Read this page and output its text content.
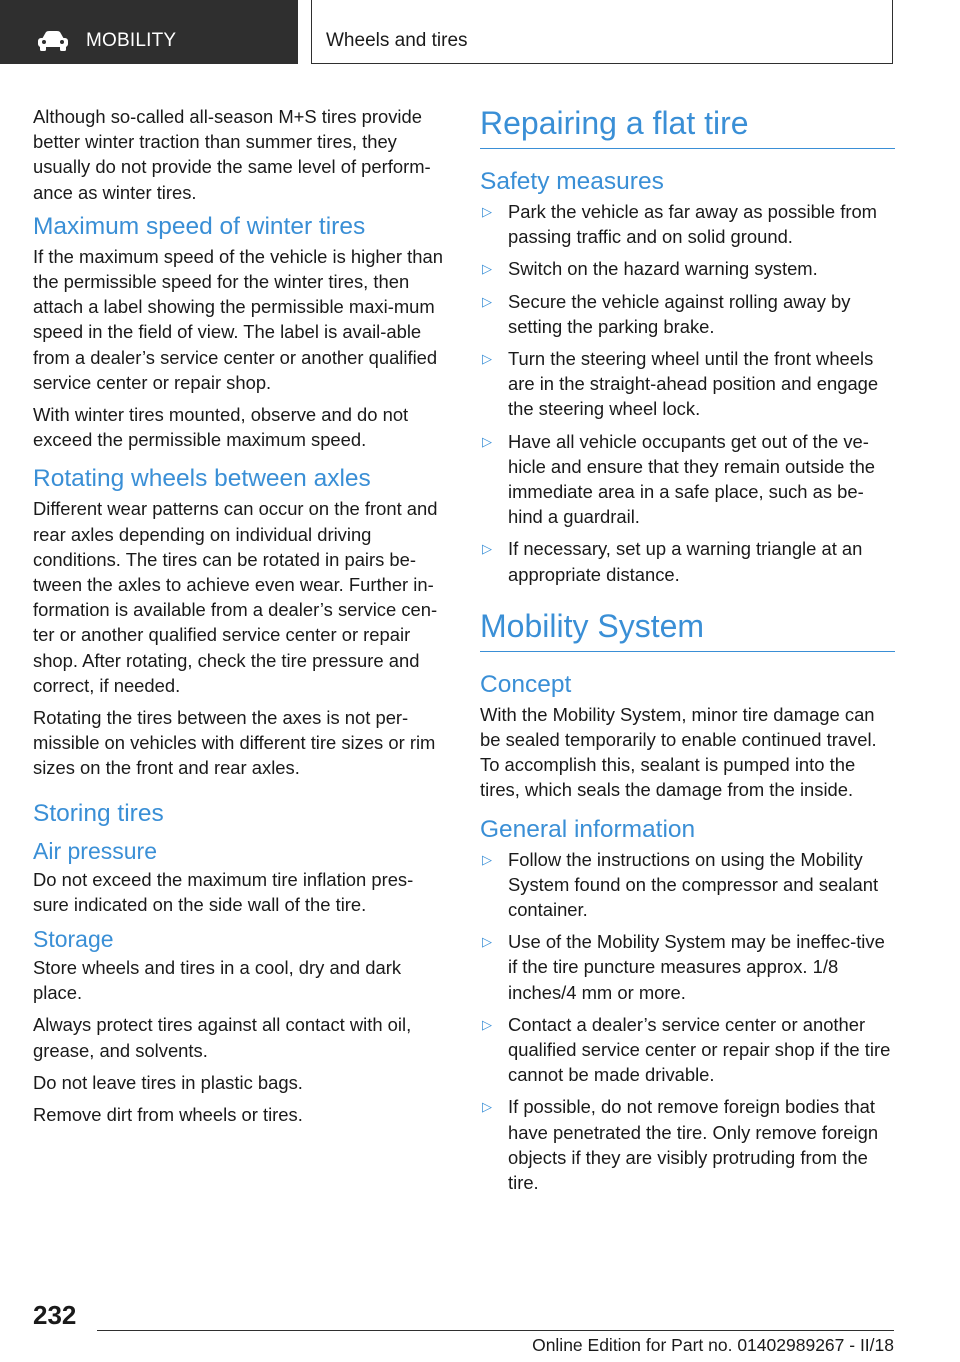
MOBILITY	Wheels and tires

Although so-called all-season M+S tires provide better winter traction than summer tires, they usually do not provide the same level of perform-ance as winter tires.

Maximum speed of winter tires

If the maximum speed of the vehicle is higher than the permissible speed for the winter tires, then attach a label showing the permissible maxi-mum speed in the field of view. The label is avail-able from a dealer’s service center or another qualified service center or repair shop.

With winter tires mounted, observe and do not exceed the permissible maximum speed.

Rotating wheels between axles

Different wear patterns can occur on the front and rear axles depending on individual driving conditions. The tires can be rotated in pairs be-tween the axles to achieve even wear. Further in-formation is available from a dealer’s service cen-ter or another qualified service center or repair shop. After rotating, check the tire pressure and correct, if needed.

Rotating the tires between the axes is not per-missible on vehicles with different tire sizes or rim sizes on the front and rear axles.

Storing tires
Air pressure

Do not exceed the maximum tire inflation pres-sure indicated on the side wall of the tire.

Storage

Store wheels and tires in a cool, dry and dark place.

Always protect tires against all contact with oil, grease, and solvents.

Do not leave tires in plastic bags.

Remove dirt from wheels or tires.

Repairing a flat tire
Safety measures
▷ Park the vehicle as far away as possible from passing traffic and on solid ground.
▷ Switch on the hazard warning system.
▷ Secure the vehicle against rolling away by setting the parking brake.
▷ Turn the steering wheel until the front wheels are in the straight-ahead position and engage the steering wheel lock.
▷ Have all vehicle occupants get out of the ve-hicle and ensure that they remain outside the immediate area in a safe place, such as be-hind a guardrail.
▷ If necessary, set up a warning triangle at an appropriate distance.
Mobility System
Concept

With the Mobility System, minor tire damage can be sealed temporarily to enable continued travel. To accomplish this, sealant is pumped into the tires, which seals the damage from the inside.

General information
▷ Follow the instructions on using the Mobility System found on the compressor and sealant container.
▷ Use of the Mobility System may be ineffec-tive if the tire puncture measures approx. 1/8 inches/4 mm or more.
▷ Contact a dealer’s service center or another qualified service center or repair shop if the tire cannot be made drivable.
▷ If possible, do not remove foreign bodies that have penetrated the tire. Only remove foreign objects if they are visibly protruding from the tire.
232
Online Edition for Part no. 01402989267 - II/18
